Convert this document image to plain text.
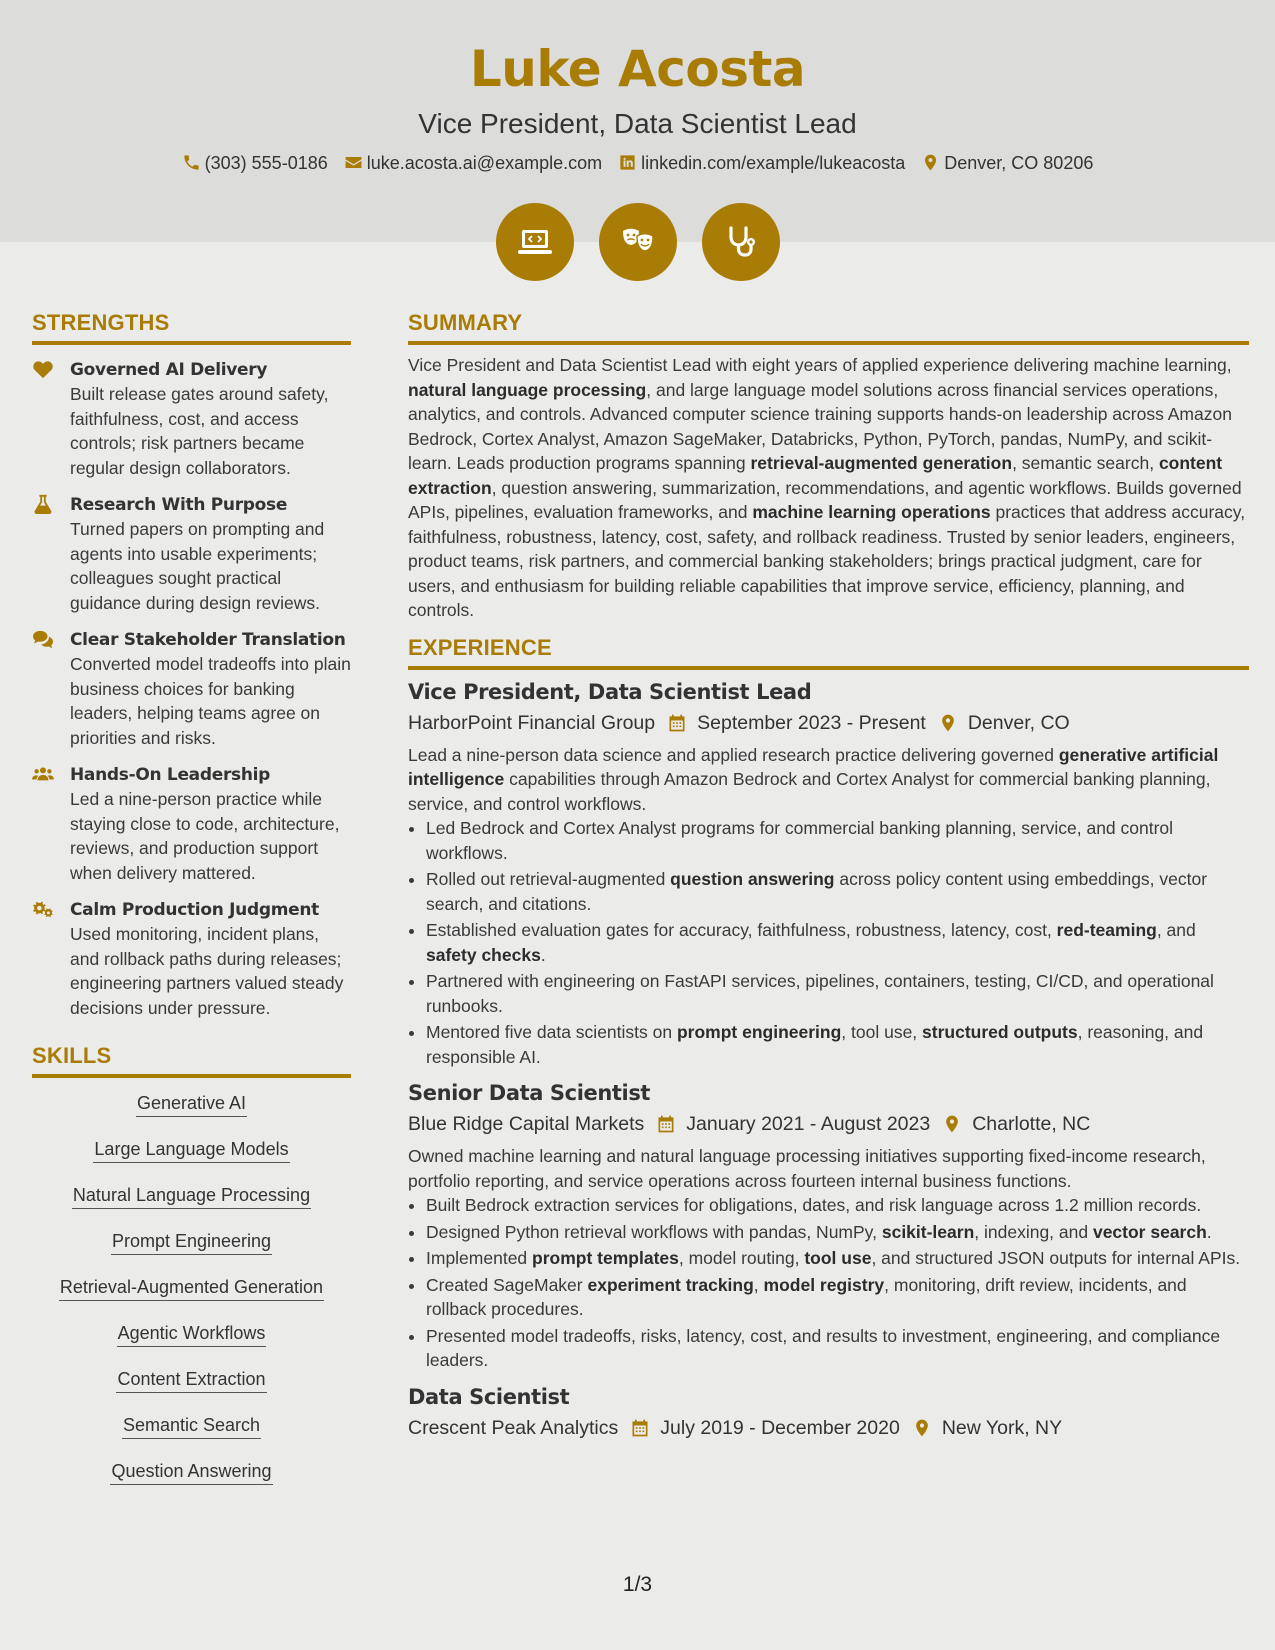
Luke Acosta
Vice President, Data Scientist Lead
(303) 555-0186 luke.acosta.ai@example.com linkedin.com/example/lukeacosta Denver, CO 80206
STRENGTHS
Governed AI Delivery
Built release gates around safety, faithfulness, cost, and access controls; risk partners became regular design collaborators.
Research With Purpose
Turned papers on prompting and agents into usable experiments; colleagues sought practical guidance during design reviews.
Clear Stakeholder Translation
Converted model tradeoffs into plain business choices for banking leaders, helping teams agree on priorities and risks.
Hands-On Leadership
Led a nine-person practice while staying close to code, architecture, reviews, and production support when delivery mattered.
Calm Production Judgment
Used monitoring, incident plans, and rollback paths during releases; engineering partners valued steady decisions under pressure.
SKILLS
Generative AI
Large Language Models
Natural Language Processing
Prompt Engineering
Retrieval-Augmented Generation
Agentic Workflows
Content Extraction
Semantic Search
Question Answering
SUMMARY
Vice President and Data Scientist Lead with eight years of applied experience delivering machine learning, natural language processing, and large language model solutions across financial services operations, analytics, and controls. Advanced computer science training supports hands-on leadership across Amazon Bedrock, Cortex Analyst, Amazon SageMaker, Databricks, Python, PyTorch, pandas, NumPy, and scikit-learn. Leads production programs spanning retrieval-augmented generation, semantic search, content extraction, question answering, summarization, recommendations, and agentic workflows. Builds governed APIs, pipelines, evaluation frameworks, and machine learning operations practices that address accuracy, faithfulness, robustness, latency, cost, safety, and rollback readiness. Trusted by senior leaders, engineers, product teams, risk partners, and commercial banking stakeholders; brings practical judgment, care for users, and enthusiasm for building reliable capabilities that improve service, efficiency, planning, and controls.
EXPERIENCE
Vice President, Data Scientist Lead
HarborPoint Financial Group September 2023 - Present Denver, CO
Lead a nine-person data science and applied research practice delivering governed generative artificial intelligence capabilities through Amazon Bedrock and Cortex Analyst for commercial banking planning, service, and control workflows.
• Led Bedrock and Cortex Analyst programs for commercial banking planning, service, and control workflows.
• Rolled out retrieval-augmented question answering across policy content using embeddings, vector search, and citations.
• Established evaluation gates for accuracy, faithfulness, robustness, latency, cost, red-teaming, and safety checks.
• Partnered with engineering on FastAPI services, pipelines, containers, testing, CI/CD, and operational runbooks.
• Mentored five data scientists on prompt engineering, tool use, structured outputs, reasoning, and responsible AI.
Senior Data Scientist
Blue Ridge Capital Markets January 2021 - August 2023 Charlotte, NC
Owned machine learning and natural language processing initiatives supporting fixed-income research, portfolio reporting, and service operations across fourteen internal business functions.
• Built Bedrock extraction services for obligations, dates, and risk language across 1.2 million records.
• Designed Python retrieval workflows with pandas, NumPy, scikit-learn, indexing, and vector search.
• Implemented prompt templates, model routing, tool use, and structured JSON outputs for internal APIs.
• Created SageMaker experiment tracking, model registry, monitoring, drift review, incidents, and rollback procedures.
• Presented model tradeoffs, risks, latency, cost, and results to investment, engineering, and compliance leaders.
Data Scientist
Crescent Peak Analytics July 2019 - December 2020 New York, NY
1/3
